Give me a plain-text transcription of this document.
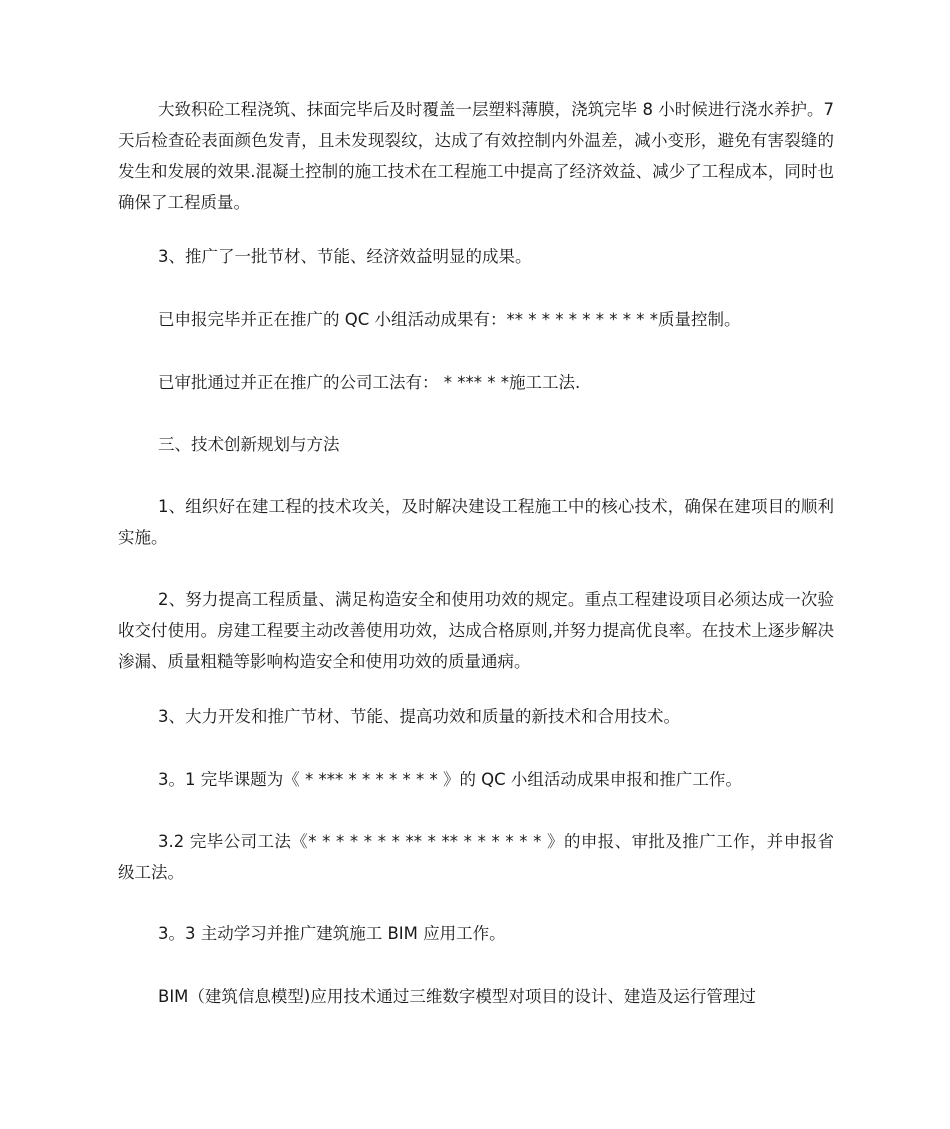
大致积砼工程浇筑、抹面完毕后及时覆盖一层塑料薄膜，浇筑完毕 8 小时候进行浇水养护。7 天后检查砼表面颜色发青，且未发现裂纹，达成了有效控制内外温差，减小变形，避免有害裂缝的发生和发展的效果.混凝土控制的施工技术在工程施工中提高了经济效益、减少了工程成本，同时也确保了工程质量。

3、推广了一批节材、节能、经济效益明显的成果。

已申报完毕并正在推广的 QC 小组活动成果有：** * * * * * * * * * *质量控制。

已审批通过并正在推广的公司工法有： * *** * *施工工法.

三、技术创新规划与方法

1、组织好在建工程的技术攻关，及时解决建设工程施工中的核心技术，确保在建项目的顺利实施。

2、努力提高工程质量、满足构造安全和使用功效的规定。重点工程建设项目必须达成一次验收交付使用。房建工程要主动改善使用功效，达成合格原则,并努力提高优良率。在技术上逐步解决渗漏、质量粗糙等影响构造安全和使用功效的质量通病。

3、大力开发和推广节材、节能、提高功效和质量的新技术和合用技术。

3。1 完毕课题为《 * *** * * * * * * * 》的 QC 小组活动成果申报和推广工作。

3.2 完毕公司工法《* * * * * * * ** * ** * * * * * * 》的申报、审批及推广工作，并申报省级工法。

3。3 主动学习并推广建筑施工 BIM 应用工作。

BIM（建筑信息模型)应用技术通过三维数字模型对项目的设计、建造及运行管理过
